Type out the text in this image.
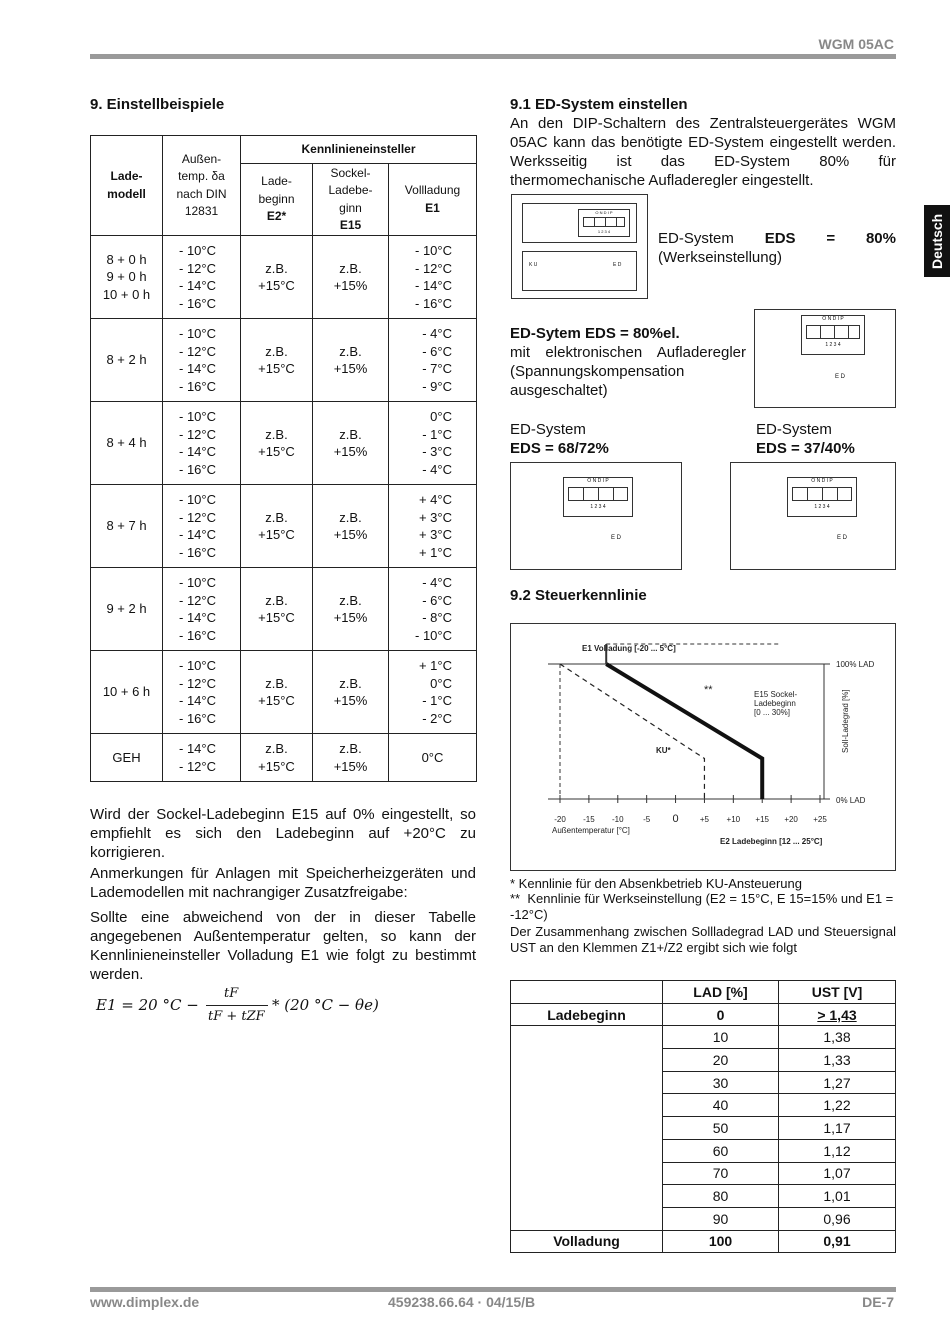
WGM 05AC
Deutsch
www.dimplex.de	459238.66.64 · 04/15/B	DE-7
9. Einstellbeispiele
Lade-
modell	Außen-
temp. δa
nach DIN
12831	Kennlinieneinsteller		
		Lade-
beginn
E2*	Sockel-
Ladebe-
ginn
E15	Vollladung
E1
8 + 0 h
9 + 0 h
10 + 0 h	- 10°C
- 12°C
- 14°C
- 16°C	z.B.
+15°C	z.B.
+15%	- 10°C
- 12°C
- 14°C
- 16°C
8 + 2 h	- 10°C
- 12°C
- 14°C
- 16°C	z.B.
+15°C	z.B.
+15%	- 4°C
- 6°C
- 7°C
- 9°C
8 + 4 h	- 10°C
- 12°C
- 14°C
- 16°C	z.B.
+15°C	z.B.
+15%	0°C
- 1°C
- 3°C
- 4°C
8 + 7 h	- 10°C
- 12°C
- 14°C
- 16°C	z.B.
+15°C	z.B.
+15%	+ 4°C
+ 3°C
+ 3°C
+ 1°C
9 + 2 h	- 10°C
- 12°C
- 14°C
- 16°C	z.B.
+15°C	z.B.
+15%	- 4°C
- 6°C
- 8°C
- 10°C
10 + 6 h	- 10°C
- 12°C
- 14°C
- 16°C	z.B.
+15°C	z.B.
+15%	+ 1°C
0°C
- 1°C
- 2°C
GEH	- 14°C
- 12°C	z.B.
+15°C	z.B.
+15%	0°C

Wird der Sockel-Ladebeginn E15 auf 0% eingestellt, so empfiehlt es sich den Ladebeginn auf +20°C zu korrigieren.

Anmerkungen für Anlagen mit Speicherheizgeräten und Lademodellen mit nachrangiger Zusatzfreigabe:

Sollte eine abweichend von der in dieser Tabelle angegebenen Außentemperatur gelten, so kann der Kennlinieneinsteller Volladung E1 wie folgt zu bestimmt werden.

E1 = 20 °C −
tF
tF + tZF
* (20 °C − θe)
9.1 ED-System einstellen

An den DIP-Schaltern des Zentralsteuergerätes WGM 05AC kann das benötigte ED-System eingestellt werden. Werksseitig ist das ED-System 80% für thermomechanische Aufladeregler eingestellt.

O N D I P
1 2 3 4
K U	E D

ED-System EDS = 80% (Werkseinstellung)

ED-Sytem EDS = 80%el.
mit elektronischen Aufladeregler (Spannungskompensation ausgeschaltet)

O N D I P
1 2 3 4
E D

ED-System
EDS = 68/72%

ED-System
EDS = 37/40%

O N D I P
1 2 3 4
E D
O N D I P
1 2 3 4
E D
9.2 Steuerkennlinie
-20 -15 -10 -5 0	+5 +10 +15 +20 +25
E1 Volladung [-20 ... 5°C]
E15 Sockel-Ladebeginn [0 ... 30%]
E2 Ladebeginn [12 ... 25°C]
KU*
**
100% LAD
0% LAD
Außentemperatur [°C]
Soll-Ladegrad [%]
* Kennlinie für den Absenkbetrieb KU-Ansteuerung
**  Kennlinie für Werkseinstellung (E2 = 15°C, E 15=15% und E1 = -12°C)
Der Zusammenhang zwischen Sollladegrad LAD und Steuersignal UST an den Klemmen Z1+/Z2 ergibt sich wie folgt
	LAD [%]	UST [V]
Ladebeginn	0	> 1,43
	10	1,38
	20	1,33
	30	1,27
	40	1,22
	50	1,17
	60	1,12
	70	1,07
	80	1,01
	90	0,96
Volladung	100	0,91
